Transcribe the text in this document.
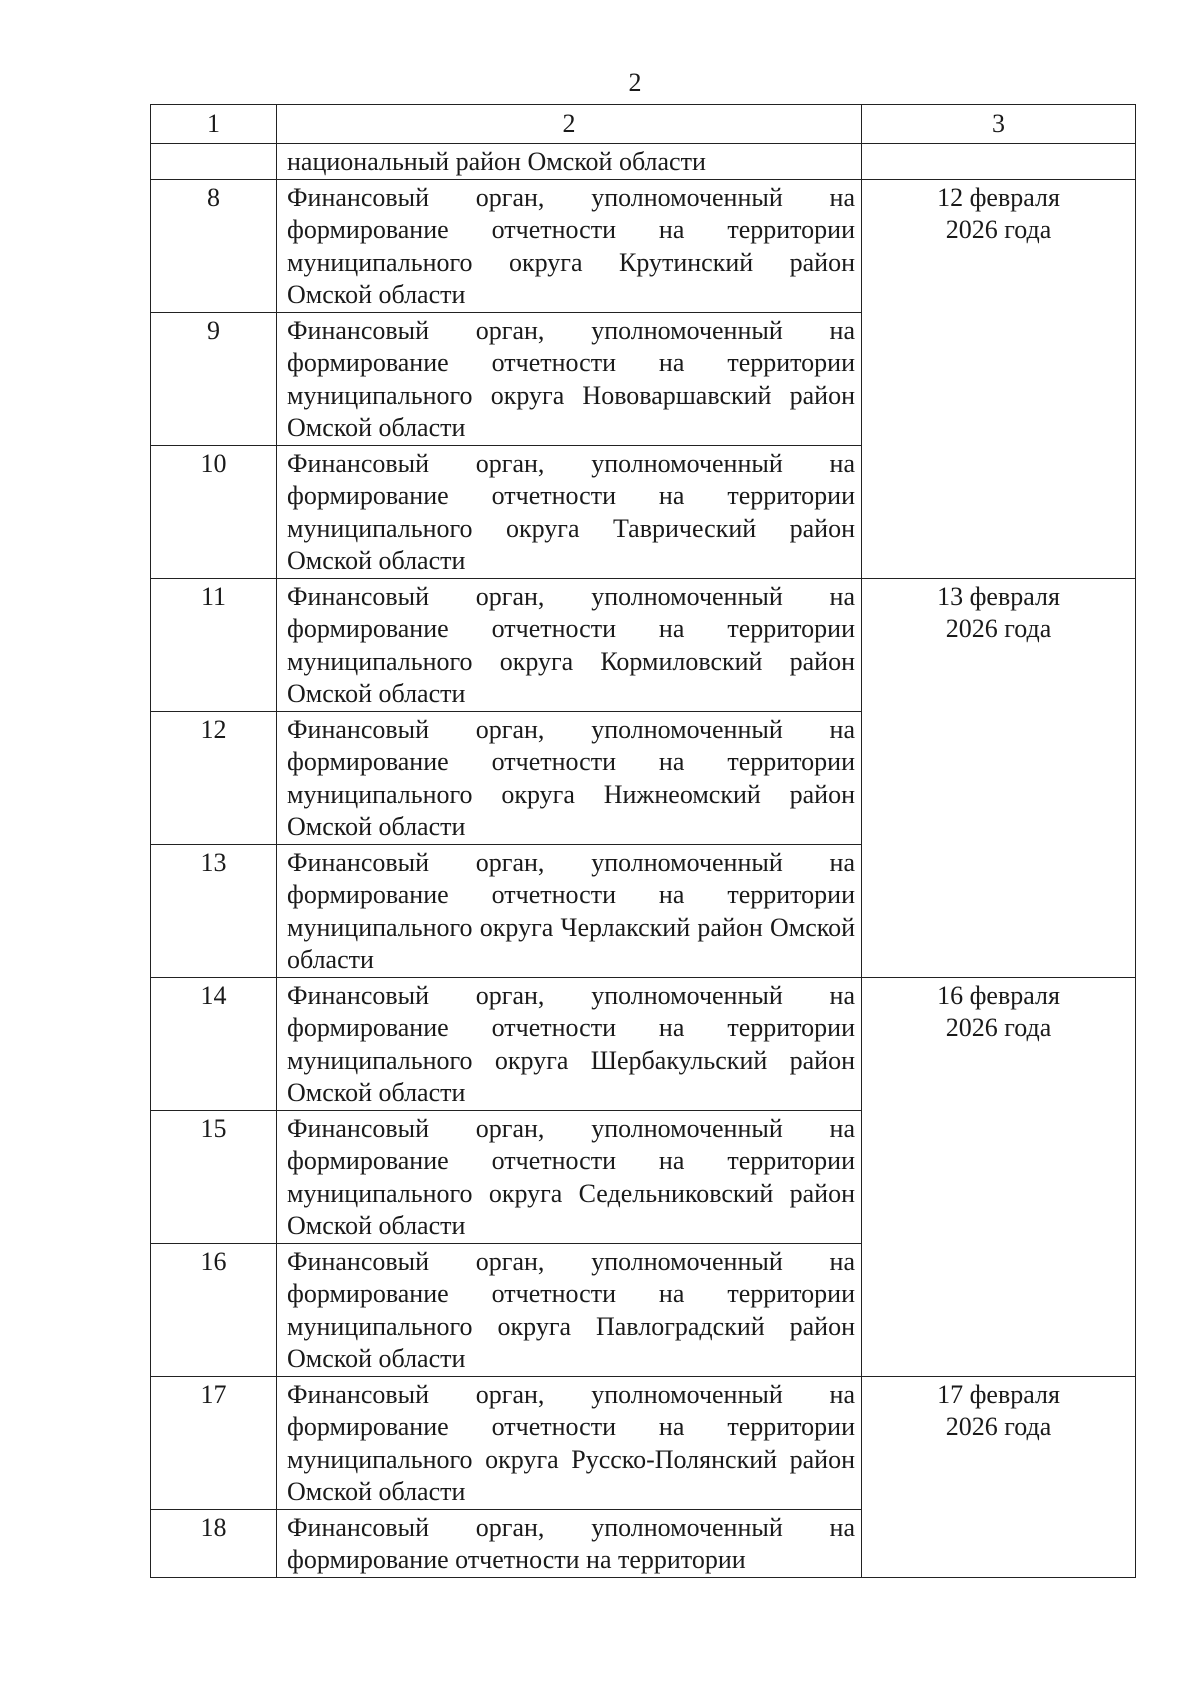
2
1	2	3
	национальный район Омской области	
8	Финансовый орган, уполномоченный на формирование отчетности на территории муниципального округа Крутинский район Омской области	12 февраля
2026 года

9	Финансовый орган, уполномоченный на формирование отчетности на территории муниципального округа Нововаршавский район Омской области	
10	Финансовый орган, уполномоченный на формирование отчетности на территории муниципального округа Таврический район Омской области	
11	Финансовый орган, уполномоченный на формирование отчетности на территории муниципального округа Кормиловский район Омской области	13 февраля
2026 года

12	Финансовый орган, уполномоченный на формирование отчетности на территории муниципального округа Нижнеомский район Омской области	
13	Финансовый орган, уполномоченный на формирование отчетности на территории муниципального округа Черлакский район Омской области	
14	Финансовый орган, уполномоченный на формирование отчетности на территории муниципального округа Шербакульский район Омской области	16 февраля
2026 года

15	Финансовый орган, уполномоченный на формирование отчетности на территории муниципального округа Седельниковский район Омской области	
16	Финансовый орган, уполномоченный на формирование отчетности на территории муниципального округа Павлоградский район Омской области	
17	Финансовый орган, уполномоченный на формирование отчетности на территории муниципального округа Русско-Полянский район Омской области	17 февраля
2026 года

18	Финансовый орган, уполномоченный на формирование отчетности на территории	
